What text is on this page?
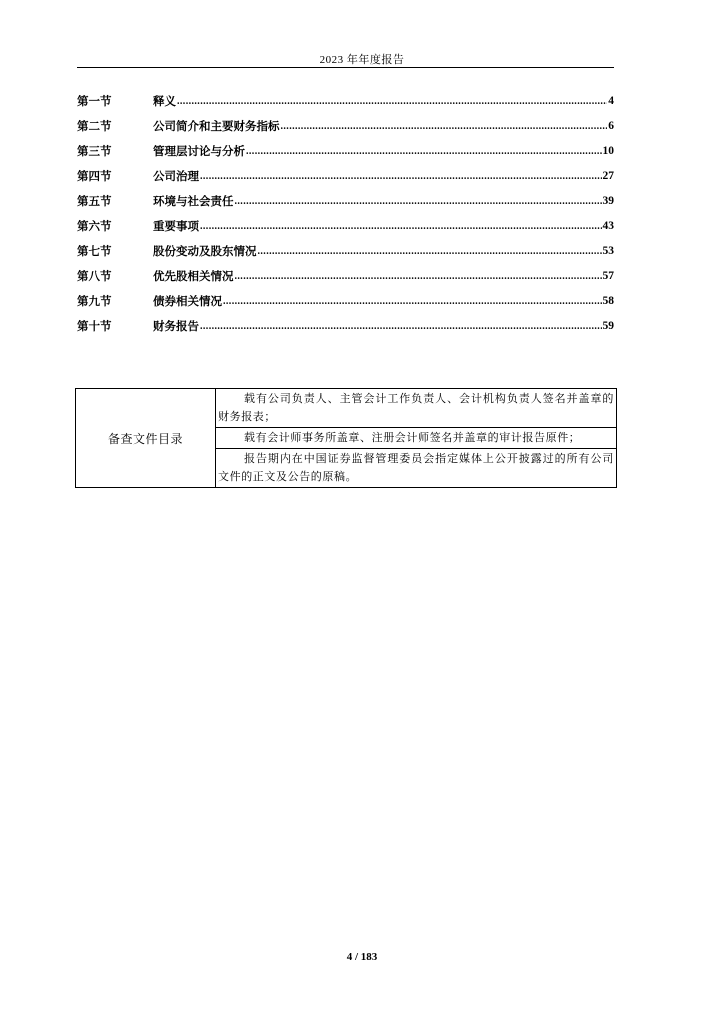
2023 年年度报告
第一节	释义 .....	4
第二节	公司简介和主要财务指标 .....	6
第三节	管理层讨论与分析 .....	10
第四节	公司治理 .....	27
第五节	环境与社会责任 .....	39
第六节	重要事项 .....	43
第七节	股份变动及股东情况 .....	53
第八节	优先股相关情况 .....	57
第九节	债券相关情况 .....	58
第十节	财务报告 .....	59
备查文件目录	载有公司负责人、主管会计工作负责人、会计机构负责人签名并盖章的财务报表；
载有会计师事务所盖章、注册会计师签名并盖章的审计报告原件；
报告期内在中国证券监督管理委员会指定媒体上公开披露过的所有公司文件的正文及公告的原稿。
4 / 183
